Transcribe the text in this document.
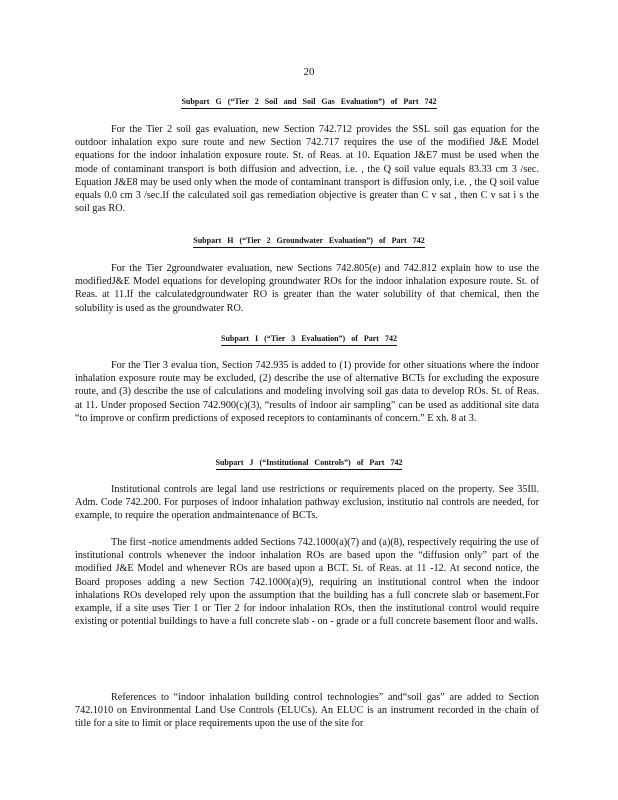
20
Subpart G (“Tier 2 Soil and Soil Gas Evaluation”) of Part 742

For the Tier 2 soil gas evaluation, new Section 742.712 provides the SSL soil gas equation for the outdoor inhalation expo sure route and new Section 742.717 requires the use of the modified J&E Model equations for the indoor inhalation exposure route. St. of Reas. at 10. Equation J&E7 must be used when the mode of contaminant transport is both diffusion and advection, i.e. , the Q soil value equals 83.33 cm 3 /sec. Equation J&E8 may be used only when the mode of contaminant transport is diffusion only, i.e. , the Q soil value equals 0.0 cm 3 /sec.If the calculated soil gas remediation objective is greater than C v sat , then C v sat i s the soil gas RO.

Subpart H (“Tier 2 Groundwater Evaluation”) of Part 742

For the Tier 2groundwater evaluation, new Sections 742.805(e) and 742.812 explain how to use the modifiedJ&E Model equations for developing groundwater ROs for the indoor inhalation exposure route. St. of Reas. at 11.If the calculatedgroundwater RO is greater than the water solubility of that chemical, then the solubility is used as the groundwater RO.

Subpart I (“Tier 3 Evaluation”) of Part 742

For the Tier 3 evalua tion, Section 742.935 is added to (1) provide for other situations where the indoor inhalation exposure route may be excluded, (2) describe the use of alternative BCTs for excluding the exposure route, and (3) describe the use of calculations and modeling involving soil gas data to develop ROs. St. of Reas. at 11. Under proposed Section 742.900(c)(3), “results of indoor air sampling” can be used as additional site data “to improve or confirm predictions of exposed receptors to contaminants of concern.” E xh. 8 at 3.

Subpart J (“Institutional Controls”) of Part 742

Institutional controls are legal land use restrictions or requirements placed on the property. See 35Ill. Adm. Code 742.200. For purposes of indoor inhalation pathway exclusion, institutio nal controls are needed, for example, to require the operation andmaintenance of BCTs.

The first -notice amendments added Sections 742.1000(a)(7) and (a)(8), respectively requiring the use of institutional controls whenever the indoor inhalation ROs are based upon the “diffusion only” part of the modified J&E Model and whenever ROs are based upon a BCT. St. of Reas. at 11 -12. At second notice, the Board proposes adding a new Section 742.1000(a)(9), requiring an institutional control when the indoor inhalations ROs developed rely upon the assumption that the building has a full concrete slab or basement.For example, if a site uses Tier 1 or Tier 2 for indoor inhalation ROs, then the institutional control would require existing or potential buildings to have a full concrete slab - on - grade or a full concrete basement floor and walls.

References to “indoor inhalation building control technologies” and“soil gas” are added to Section 742.1010 on Environmental Land Use Controls (ELUCs). An ELUC is an instrument recorded in the chain of title for a site to limit or place requirements upon the use of the site for
